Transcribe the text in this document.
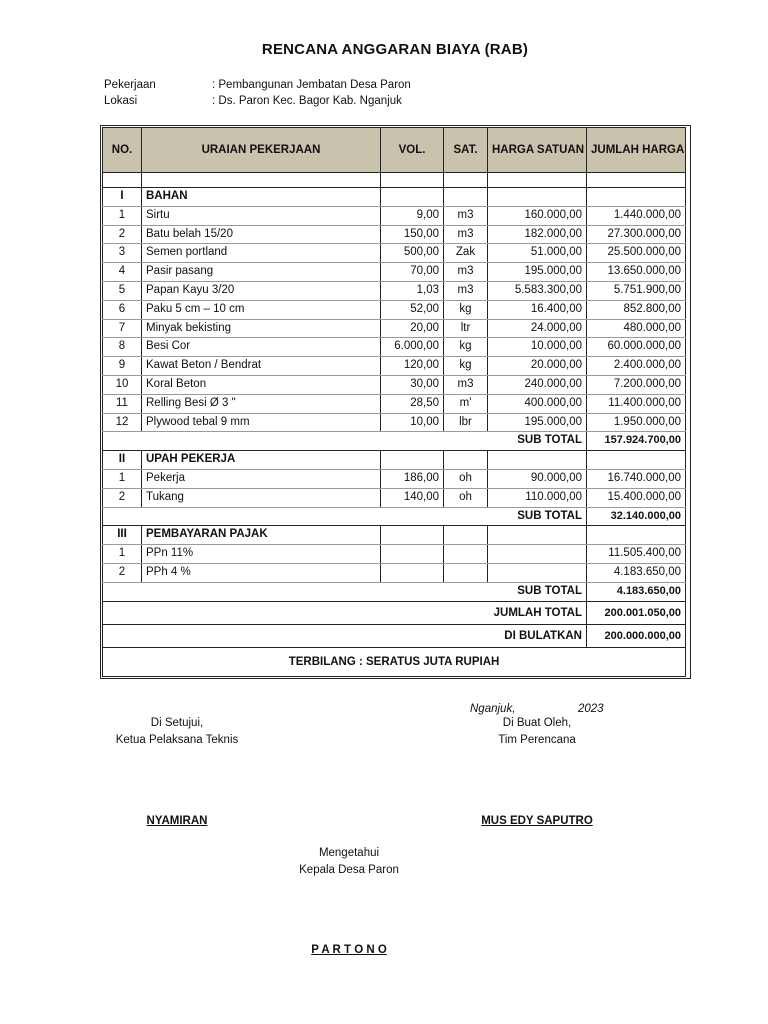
RENCANA ANGGARAN BIAYA (RAB)
Pekerjaan	: Pembangunan Jembatan Desa Paron
Lokasi	: Ds. Paron Kec. Bagor Kab. Nganjuk
NO.	URAIAN PEKERJAAN	VOL.	SAT.	HARGA SATUAN	JUMLAH HARGA

I	BAHAN				
1	Sirtu	9,00	m3	160.000,00	1.440.000,00
2	Batu belah 15/20	150,00	m3	182.000,00	27.300.000,00
3	Semen portland	500,00	Zak	51.000,00	25.500.000,00
4	Pasir pasang	70,00	m3	195.000,00	13.650.000,00
5	Papan Kayu 3/20	1,03	m3	5.583.300,00	5.751.900,00
6	Paku 5 cm – 10 cm	52,00	kg	16.400,00	852.800,00
7	Minyak bekisting	20,00	ltr	24.000,00	480.000,00
8	Besi Cor	6.000,00	kg	10.000,00	60.000.000,00
9	Kawat Beton / Bendrat	120,00	kg	20.000,00	2.400.000,00
10	Koral Beton	30,00	m3	240.000,00	7.200.000,00
11	Relling Besi Ø 3 "	28,50	m'	400.000,00	11.400.000,00
12	Plywood tebal 9 mm	10,00	lbr	195.000,00	1.950.000,00
SUB TOTAL					157.924.700,00
II	UPAH PEKERJA				
1	Pekerja	186,00	oh	90.000,00	16.740.000,00
2	Tukang	140,00	oh	110.000,00	15.400.000,00
SUB TOTAL					32.140.000,00
III	PEMBAYARAN PAJAK				
1	PPn 11%				11.505.400,00
2	PPh 4 %				4.183.650,00
SUB TOTAL					4.183.650,00
JUMLAH TOTAL					200.001.050,00
DI BULATKAN					200.000.000,00
TERBILANG : SERATUS JUTA RUPIAH					
Nganjuk,	2023
Di Setujui,
Ketua Pelaksana Teknis
NYAMIRAN
Di Buat Oleh,
Tim Perencana
MUS EDY SAPUTRO
Mengetahui
Kepala Desa Paron
P A R T O N O
